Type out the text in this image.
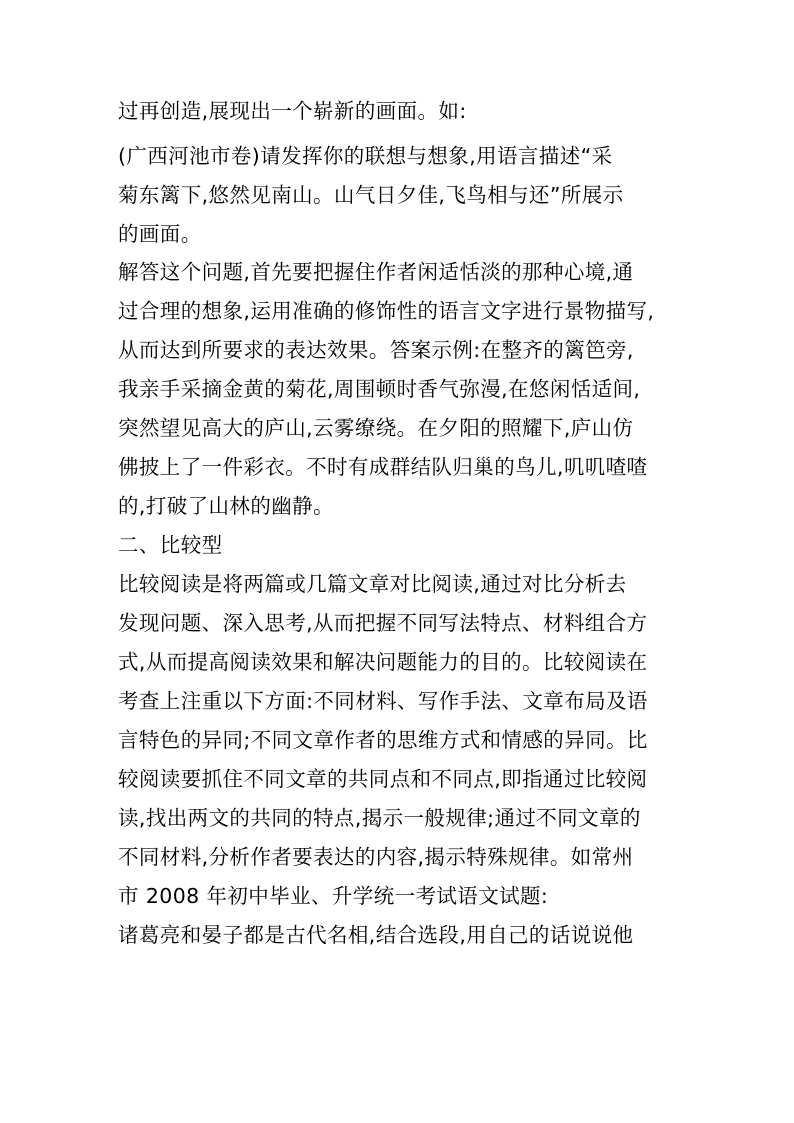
过再创造,展现出一个崭新的画面。如:
(广西河池市卷)请发挥你的联想与想象,用语言描述“采
菊东篱下,悠然见南山。山气日夕佳,飞鸟相与还”所展示
的画面。
解答这个问题,首先要把握住作者闲适恬淡的那种心境,通
过合理的想象,运用准确的修饰性的语言文字进行景物描写,
从而达到所要求的表达效果。答案示例:在整齐的篱笆旁,
我亲手采摘金黄的菊花,周围顿时香气弥漫,在悠闲恬适间,
突然望见高大的庐山,云雾缭绕。在夕阳的照耀下,庐山仿
佛披上了一件彩衣。不时有成群结队归巢的鸟儿,叽叽喳喳
的,打破了山林的幽静。
二、比较型
比较阅读是将两篇或几篇文章对比阅读,通过对比分析去
发现问题、深入思考,从而把握不同写法特点、材料组合方
式,从而提高阅读效果和解决问题能力的目的。比较阅读在
考查上注重以下方面:不同材料、写作手法、文章布局及语
言特色的异同;不同文章作者的思维方式和情感的异同。比
较阅读要抓住不同文章的共同点和不同点,即指通过比较阅
读,找出两文的共同的特点,揭示一般规律;通过不同文章的
不同材料,分析作者要表达的内容,揭示特殊规律。如常州
市 2008 年初中毕业、升学统一考试语文试题:
诸葛亮和晏子都是古代名相,结合选段,用自己的话说说他
